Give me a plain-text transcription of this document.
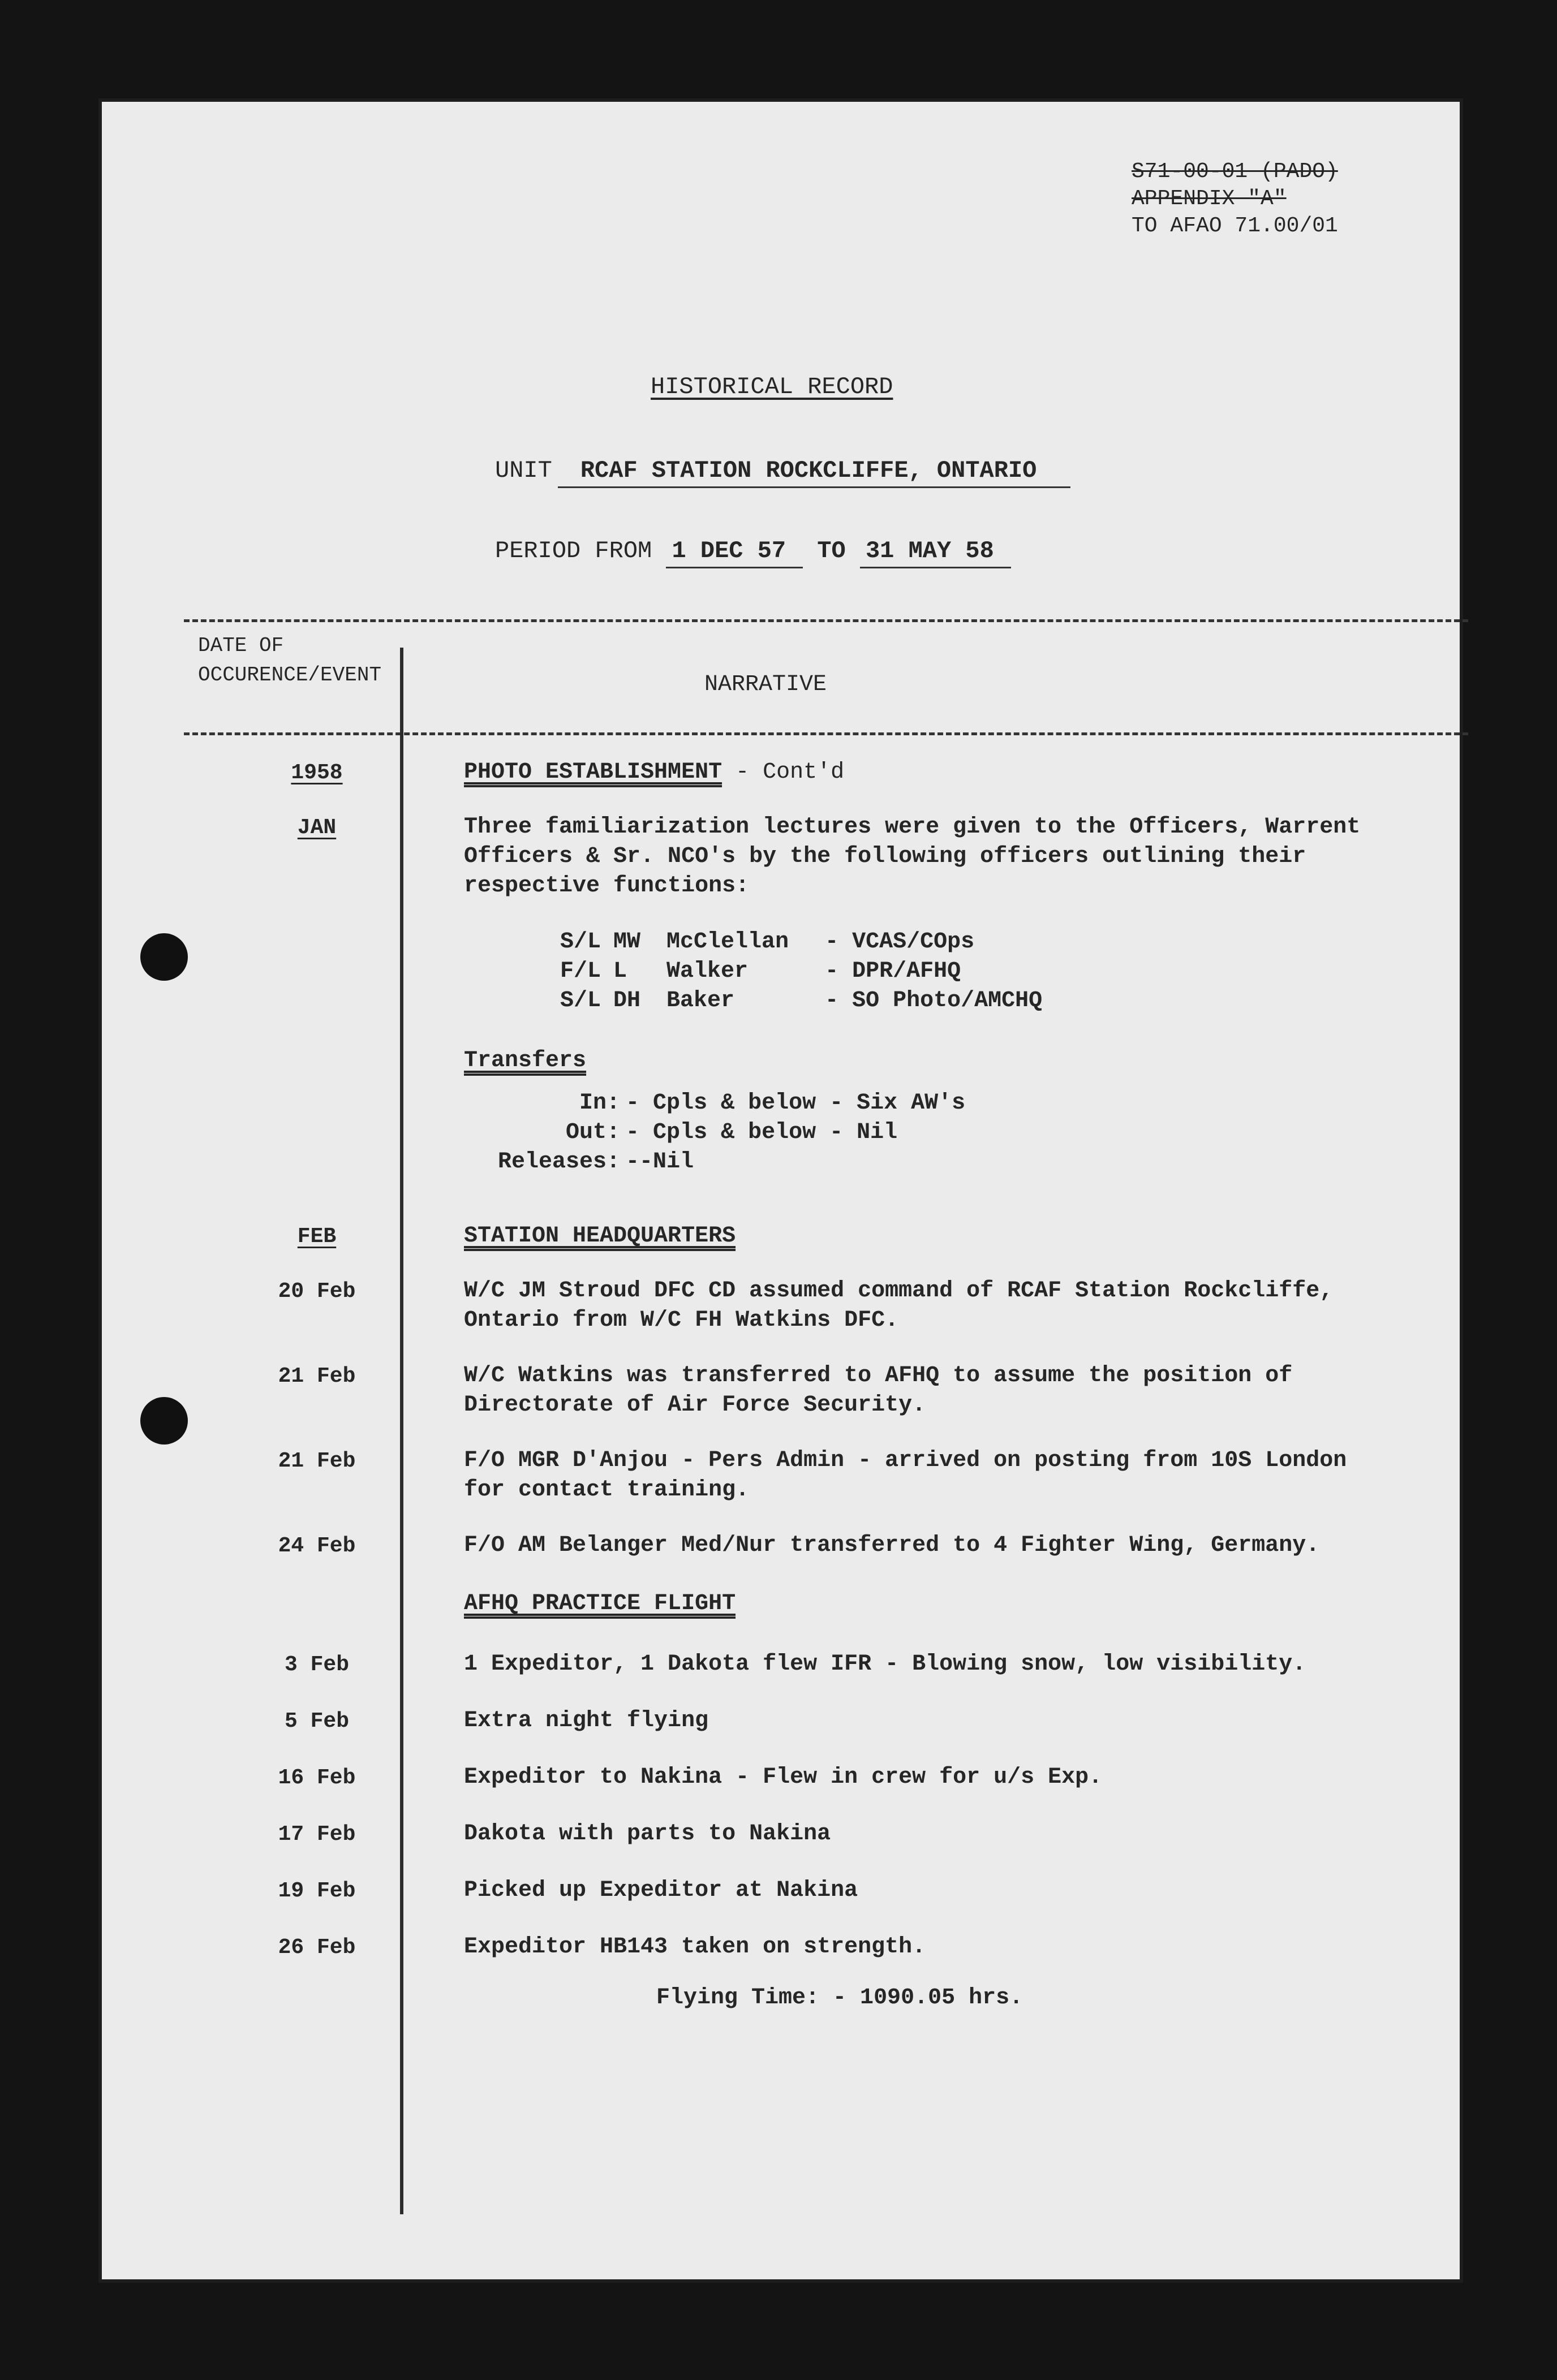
S71-00-01 (PADO)
APPENDIX "A"
TO AFAO 71.00/01
HISTORICAL RECORD
UNIT RCAF STATION ROCKCLIFFE, ONTARIO
PERIOD FROM 1 DEC 57 TO 31 MAY 58
DATE OF
OCCURENCE/EVENT	NARRATIVE
1958	PHOTO ESTABLISHMENT - Cont'd
JAN	Three familiarization lectures were given to the Officers, Warrent
Officers & Sr. NCO's by the following officers outlining their
respective functions:
S/L	MW	McClellan	- VCAS/COps
F/L	L	Walker	- DPR/AFHQ
S/L	DH	Baker	- SO Photo/AMCHQ
Transfers
In:	- Cpls & below - Six AW's
Out:	- Cpls & below - Nil
Releases:	--Nil
FEB	STATION HEADQUARTERS
20 Feb	W/C JM Stroud DFC CD assumed command of RCAF Station Rockcliffe,
Ontario from W/C FH Watkins DFC.
21 Feb	W/C Watkins was transferred to AFHQ to assume the position of
Directorate of Air Force Security.
21 Feb	F/O MGR D'Anjou - Pers Admin - arrived on posting from 10S London
for contact training.
24 Feb	F/O AM Belanger Med/Nur transferred to 4 Fighter Wing, Germany.
AFHQ PRACTICE FLIGHT
3 Feb	1 Expeditor, 1 Dakota flew IFR - Blowing snow, low visibility.
5 Feb	Extra night flying
16 Feb	Expeditor to Nakina - Flew in crew for u/s Exp.
17 Feb	Dakota with parts to Nakina
19 Feb	Picked up Expeditor at Nakina
26 Feb	Expeditor HB143 taken on strength.
Flying Time: - 1090.05 hrs.
